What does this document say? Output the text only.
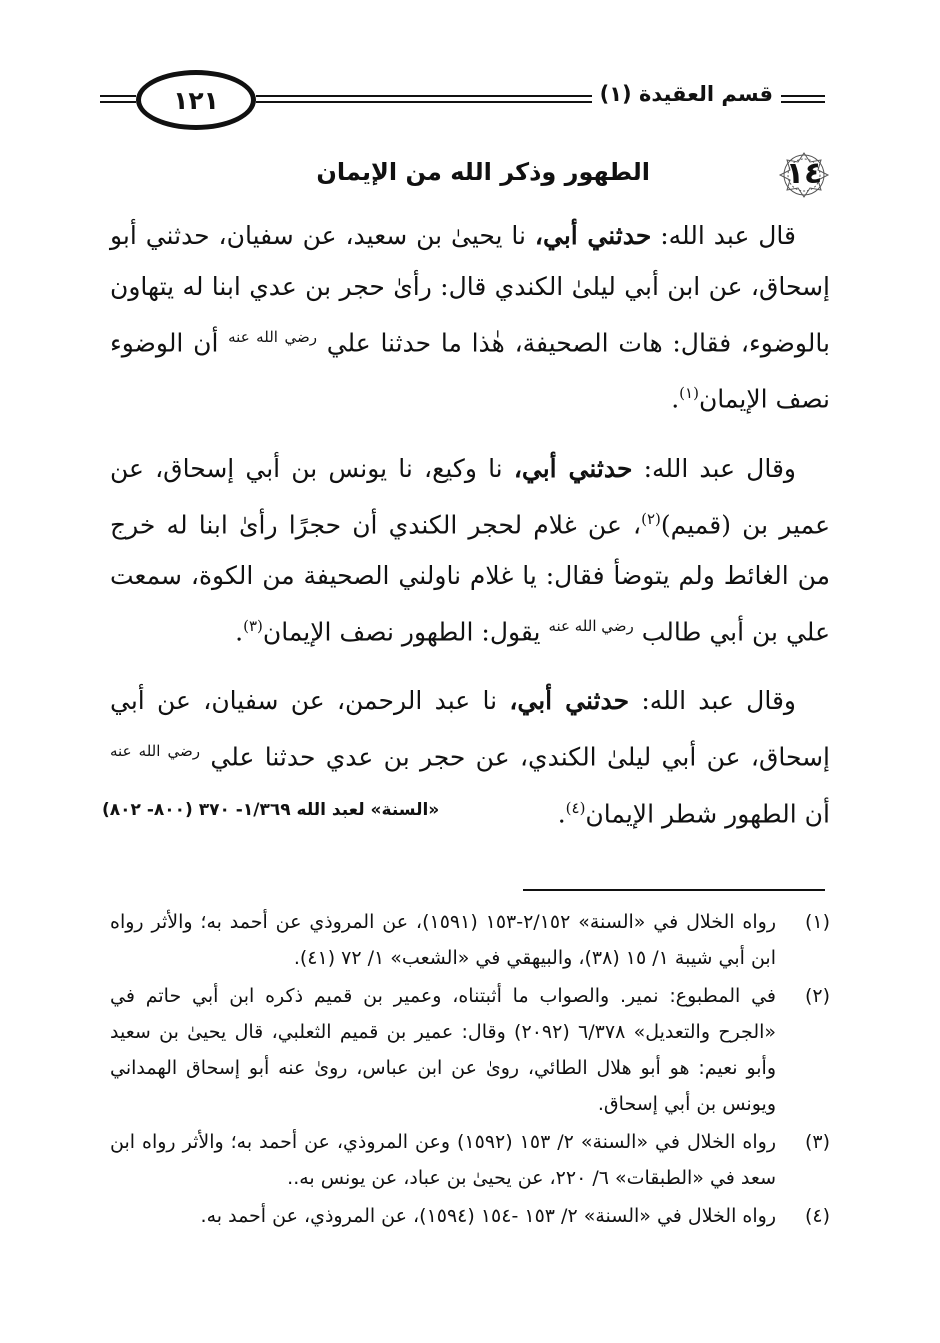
١٢١	قسم العقيدة (١)
١٤
الطهور وذكر الله من الإيمان

قال عبد الله: حدثني أبي، نا يحيىٰ بن سعيد، عن سفيان، حدثني أبو إسحاق، عن ابن أبي ليلىٰ الكندي قال: رأىٰ حجر بن عدي ابنا له يتهاون بالوضوء، فقال: هات الصحيفة، هٰذا ما حدثنا علي $^{رضي الله عنه}$ أن الوضوء نصف الإيمان$^{(١)}$.

وقال عبد الله: حدثني أبي، نا وكيع، نا يونس بن أبي إسحاق، عن عمير بن (قميم)$^{(٢)}$، عن غلام لحجر الكندي أن حجرًا رأىٰ ابنا له خرج من الغائط ولم يتوضأ فقال: يا غلام ناولني الصحيفة من الكوة، سمعت علي بن أبي طالب $^{رضي الله عنه}$ يقول: الطهور نصف الإيمان$^{(٣)}$.

وقال عبد الله: حدثني أبي، نا عبد الرحمن، عن سفيان، عن أبي إسحاق، عن أبي ليلىٰ الكندي، عن حجر بن عدي حدثنا علي $^{رضي الله عنه}$ أن الطهور شطر الإيمان$^{(٤)}$.

«السنة» لعبد الله ١/٣٦٩- ٣٧٠ (٨٠٠- ٨٠٢)
(١)
رواه الخلال في «السنة» ٢/١٥٢-١٥٣ (١٥٩١)، عن المروذي عن أحمد به؛ والأثر رواه ابن أبي شيبة ١/ ١٥ (٣٨)، والبيهقي في «الشعب» ١/ ٧٢ (٤١).
(٢)
في المطبوع: نمير. والصواب ما أثبتناه، وعمير بن قميم ذكره ابن أبي حاتم في «الجرح والتعديل» ٦/٣٧٨ (٢٠٩٢) وقال: عمير بن قميم الثعلبي، قال يحيىٰ بن سعيد وأبو نعيم: هو أبو هلال الطائي، روىٰ عن ابن عباس، روىٰ عنه أبو إسحاق الهمداني ويونس بن أبي إسحاق.
(٣)
رواه الخلال في «السنة» ٢/ ١٥٣ (١٥٩٢) وعن المروذي، عن أحمد به؛ والأثر رواه ابن سعد في «الطبقات» ٦/ ٢٢٠، عن يحيىٰ بن عباد، عن يونس به..
(٤)
رواه الخلال في «السنة» ٢/ ١٥٣ -١٥٤ (١٥٩٤)، عن المروذي، عن أحمد به.
